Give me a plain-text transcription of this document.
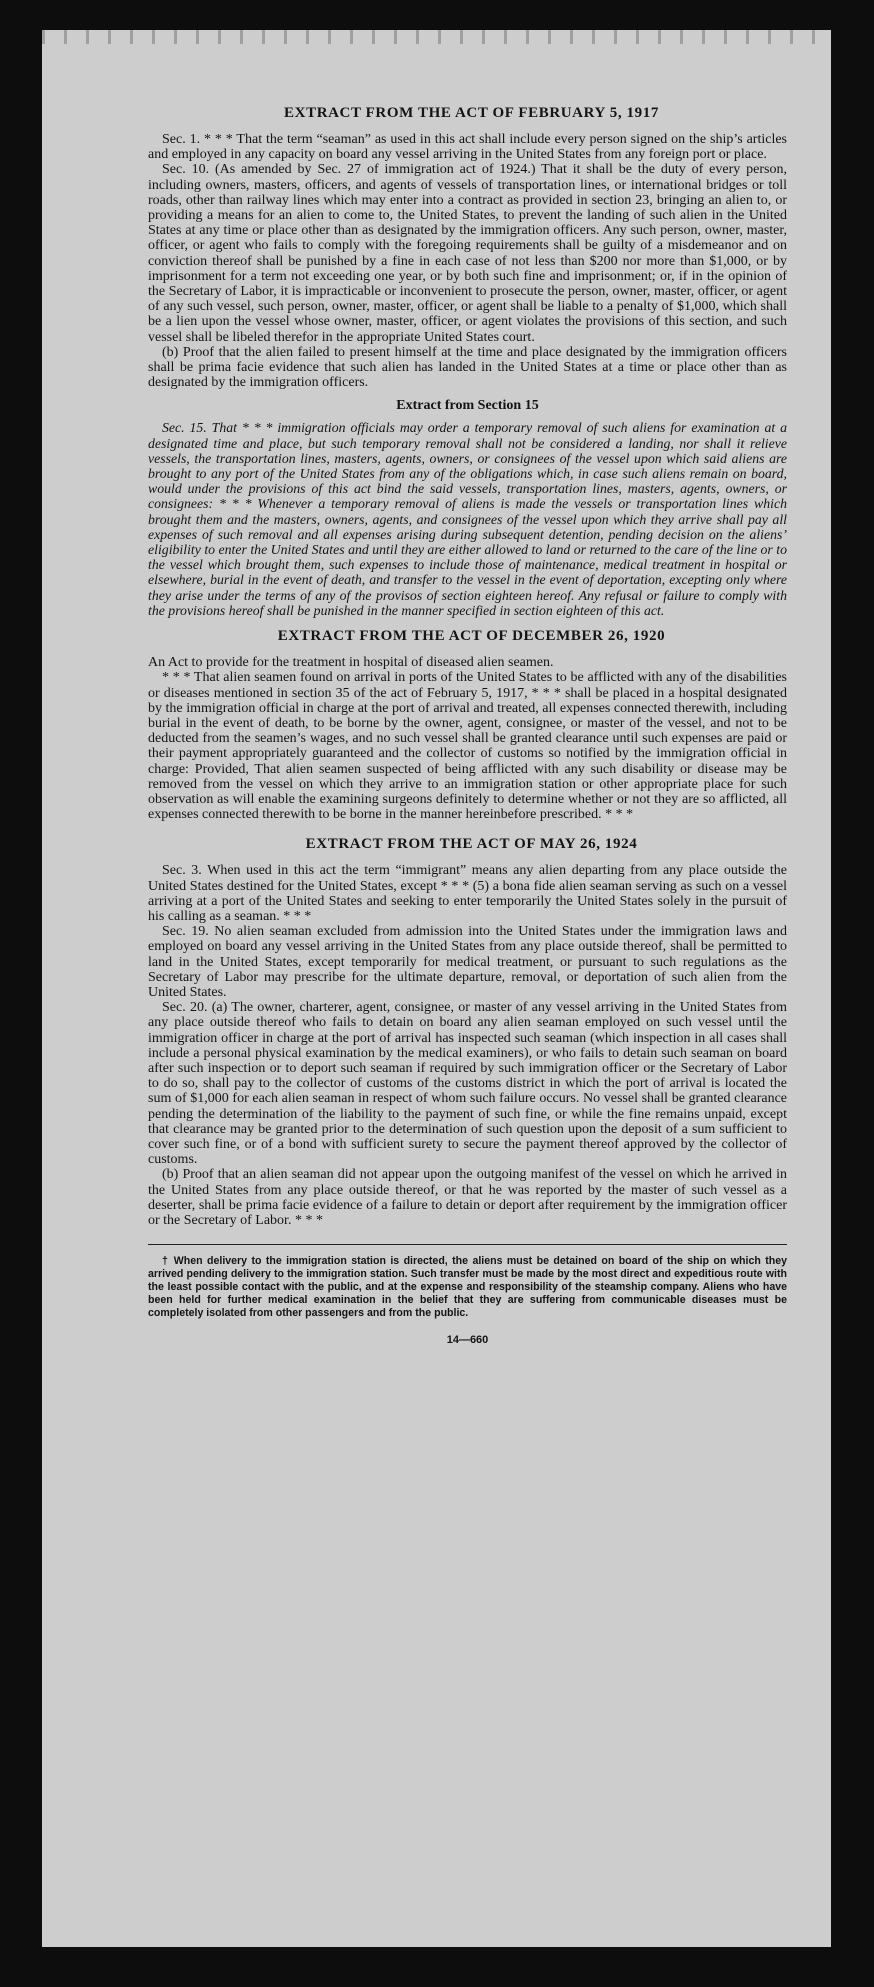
EXTRACT FROM THE ACT OF FEBRUARY 5, 1917

Sec. 1. * * * That the term “seaman” as used in this act shall include every person signed on the ship’s articles and employed in any capacity on board any vessel arriving in the United States from any foreign port or place.

Sec. 10. (As amended by Sec. 27 of immigration act of 1924.) That it shall be the duty of every person, including owners, masters, officers, and agents of vessels of transportation lines, or international bridges or toll roads, other than railway lines which may enter into a contract as provided in section 23, bringing an alien to, or providing a means for an alien to come to, the United States, to prevent the landing of such alien in the United States at any time or place other than as designated by the immigration officers. Any such person, owner, master, officer, or agent who fails to comply with the foregoing requirements shall be guilty of a misdemeanor and on conviction thereof shall be punished by a fine in each case of not less than $200 nor more than $1,000, or by imprisonment for a term not exceeding one year, or by both such fine and imprisonment; or, if in the opinion of the Secretary of Labor, it is impracticable or inconvenient to prosecute the person, owner, master, officer, or agent of any such vessel, such person, owner, master, officer, or agent shall be liable to a penalty of $1,000, which shall be a lien upon the vessel whose owner, master, officer, or agent violates the provisions of this section, and such vessel shall be libeled therefor in the appropriate United States court.

(b) Proof that the alien failed to present himself at the time and place designated by the immigration officers shall be prima facie evidence that such alien has landed in the United States at a time or place other than as designated by the immigration officers.

Extract from Section 15

Sec. 15. That * * * immigration officials may order a temporary removal of such aliens for examination at a designated time and place, but such temporary removal shall not be considered a landing, nor shall it relieve vessels, the transportation lines, masters, agents, owners, or consignees of the vessel upon which said aliens are brought to any port of the United States from any of the obligations which, in case such aliens remain on board, would under the provisions of this act bind the said vessels, transportation lines, masters, agents, owners, or consignees: * * * Whenever a temporary removal of aliens is made the vessels or transportation lines which brought them and the masters, owners, agents, and consignees of the vessel upon which they arrive shall pay all expenses of such removal and all expenses arising during subsequent detention, pending decision on the aliens’ eligibility to enter the United States and until they are either allowed to land or returned to the care of the line or to the vessel which brought them, such expenses to include those of maintenance, medical treatment in hospital or elsewhere, burial in the event of death, and transfer to the vessel in the event of deportation, excepting only where they arise under the terms of any of the provisos of section eighteen hereof. Any refusal or failure to comply with the provisions hereof shall be punished in the manner specified in section eighteen of this act.

EXTRACT FROM THE ACT OF DECEMBER 26, 1920

An Act to provide for the treatment in hospital of diseased alien seamen.

* * * That alien seamen found on arrival in ports of the United States to be afflicted with any of the disabilities or diseases mentioned in section 35 of the act of February 5, 1917, * * * shall be placed in a hospital designated by the immigration official in charge at the port of arrival and treated, all expenses connected therewith, including burial in the event of death, to be borne by the owner, agent, consignee, or master of the vessel, and not to be deducted from the seamen’s wages, and no such vessel shall be granted clearance until such expenses are paid or their payment appropriately guaranteed and the collector of customs so notified by the immigration official in charge: Provided, That alien seamen suspected of being afflicted with any such disability or disease may be removed from the vessel on which they arrive to an immigration station or other appropriate place for such observation as will enable the examining surgeons definitely to determine whether or not they are so afflicted, all expenses connected therewith to be borne in the manner hereinbefore prescribed. * * *

EXTRACT FROM THE ACT OF MAY 26, 1924

Sec. 3. When used in this act the term “immigrant” means any alien departing from any place outside the United States destined for the United States, except * * * (5) a bona fide alien seaman serving as such on a vessel arriving at a port of the United States and seeking to enter temporarily the United States solely in the pursuit of his calling as a seaman. * * *

Sec. 19. No alien seaman excluded from admission into the United States under the immigration laws and employed on board any vessel arriving in the United States from any place outside thereof, shall be permitted to land in the United States, except temporarily for medical treatment, or pursuant to such regulations as the Secretary of Labor may prescribe for the ultimate departure, removal, or deportation of such alien from the United States.

Sec. 20. (a) The owner, charterer, agent, consignee, or master of any vessel arriving in the United States from any place outside thereof who fails to detain on board any alien seaman employed on such vessel until the immigration officer in charge at the port of arrival has inspected such seaman (which inspection in all cases shall include a personal physical examination by the medical examiners), or who fails to detain such seaman on board after such inspection or to deport such seaman if required by such immigration officer or the Secretary of Labor to do so, shall pay to the collector of customs of the customs district in which the port of arrival is located the sum of $1,000 for each alien seaman in respect of whom such failure occurs. No vessel shall be granted clearance pending the determination of the liability to the payment of such fine, or while the fine remains unpaid, except that clearance may be granted prior to the determination of such question upon the deposit of a sum sufficient to cover such fine, or of a bond with sufficient surety to secure the payment thereof approved by the collector of customs.

(b) Proof that an alien seaman did not appear upon the outgoing manifest of the vessel on which he arrived in the United States from any place outside thereof, or that he was reported by the master of such vessel as a deserter, shall be prima facie evidence of a failure to detain or deport after requirement by the immigration officer or the Secretary of Labor. * * *

† When delivery to the immigration station is directed, the aliens must be detained on board of the ship on which they arrived pending delivery to the immigration station. Such transfer must be made by the most direct and expeditious route with the least possible contact with the public, and at the expense and responsibility of the steamship company. Aliens who have been held for further medical examination in the belief that they are suffering from communicable diseases must be completely isolated from other passengers and from the public.

14—660
